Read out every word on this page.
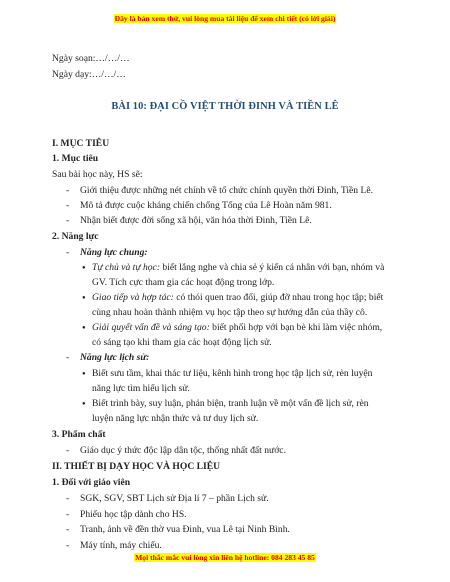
Đây là bản xem thử, vui lòng mua tài liệu để xem chi tiết (có lời giải)
Ngày soạn:…/…/…
Ngày dạy:…/…/…
BÀI 10: ĐẠI CỒ VIỆT THỜI ĐINH VÀ TIỀN LÊ
I. MỤC TIÊU
1. Mục tiêu
Sau bài học này, HS sẽ:
- Giới thiệu được những nét chính về tổ chức chính quyền thời Đinh, Tiền Lê.
- Mô tả được cuộc kháng chiến chống Tống của Lê Hoàn năm 981.
- Nhận biết được đời sống xã hội, văn hóa thời Đinh, Tiền Lê.
2. Năng lực
- Năng lực chung:
● Tự chủ và tự học: biết lắng nghe và chia sẻ ý kiến cá nhân với bạn, nhóm và
GV. Tích cực tham gia các hoạt động trong lớp.
● Giao tiếp và hợp tác: có thói quen trao đổi, giúp đỡ nhau trong học tập; biết
cùng nhau hoàn thành nhiệm vụ học tập theo sự hướng dẫn của thầy cô.
● Giải quyết vấn đề và sáng tạo: biết phối hợp với bạn bè khi làm việc nhóm,
có sáng tạo khi tham gia các hoạt động lịch sử.
- Năng lực lịch sử:
● Biết sưu tầm, khai thác tư liệu, kênh hình trong học tập lịch sử, rèn luyện
năng lực tìm hiểu lịch sử.
● Biết trình bày, suy luận, phản biện, tranh luận về một vấn đề lịch sử, rèn
luyện năng lực nhận thức và tư duy lịch sử.
3. Phẩm chất
- Giáo dục ý thức độc lập dân tộc, thống nhất đất nước.
II. THIẾT BỊ DẠY HỌC VÀ HỌC LIỆU
1. Đối với giáo viên
- SGK, SGV, SBT Lịch sử Địa lí 7 – phần Lịch sử.
- Phiếu học tập dành cho HS.
- Tranh, ảnh về đền thờ vua Đinh, vua Lê tại Ninh Bình.
- Máy tính, máy chiếu.
Mọi thắc mắc vui lòng xin liên hệ hotline: 084 283 45 85
